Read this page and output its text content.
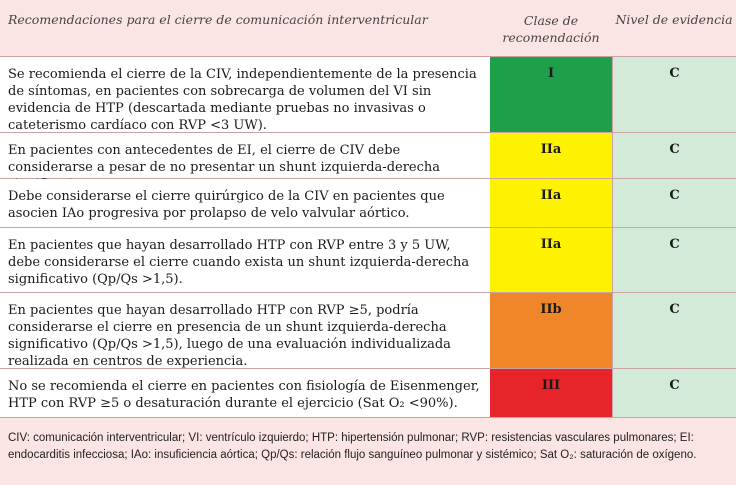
Recomendaciones para el cierre de comunicación interventricular	Clase de
recomendación
Nivel de evidencia
Se recomienda el cierre de la CIV, independientemente de la presencia de síntomas, en pacientes con sobrecarga de volumen del VI sin evidencia de HTP (descartada mediante pruebas no invasivas o cateterismo cardíaco con RVP <3 UW).
I	C
En pacientes con antecedentes de EI, el cierre de CIV debe considerarse a pesar de no presentar un shunt izquierda-derecha
IIa	C
Debe considerarse el cierre quirúrgico de la CIV en pacientes que asocien IAo progresiva por prolapso de velo valvular aórtico.
IIa	C
En pacientes que hayan desarrollado HTP con RVP entre 3 y 5 UW, debe considerarse el cierre cuando exista un shunt izquierda-derecha significativo (Qp/Qs >1,5).
IIa	C
En pacientes que hayan desarrollado HTP con RVP ≥5, podría considerarse el cierre en presencia de un shunt izquierda-derecha significativo (Qp/Qs >1,5), luego de una evaluación individualizada realizada en centros de experiencia.
IIb	C
No se recomienda el cierre en pacientes con fisiología de Eisenmenger, HTP con RVP ≥5 o desaturación durante el ejercicio (Sat O₂ <90%).
III	C
CIV: comunicación interventricular; VI: ventrículo izquierdo; HTP: hipertensión pulmonar; RVP: resistencias vasculares pulmonares; EI: endocarditis infecciosa; IAo: insuficiencia aórtica; Qp/Qs: relación flujo sanguíneo pulmonar y sistémico; Sat O₂: saturación de oxígeno.
